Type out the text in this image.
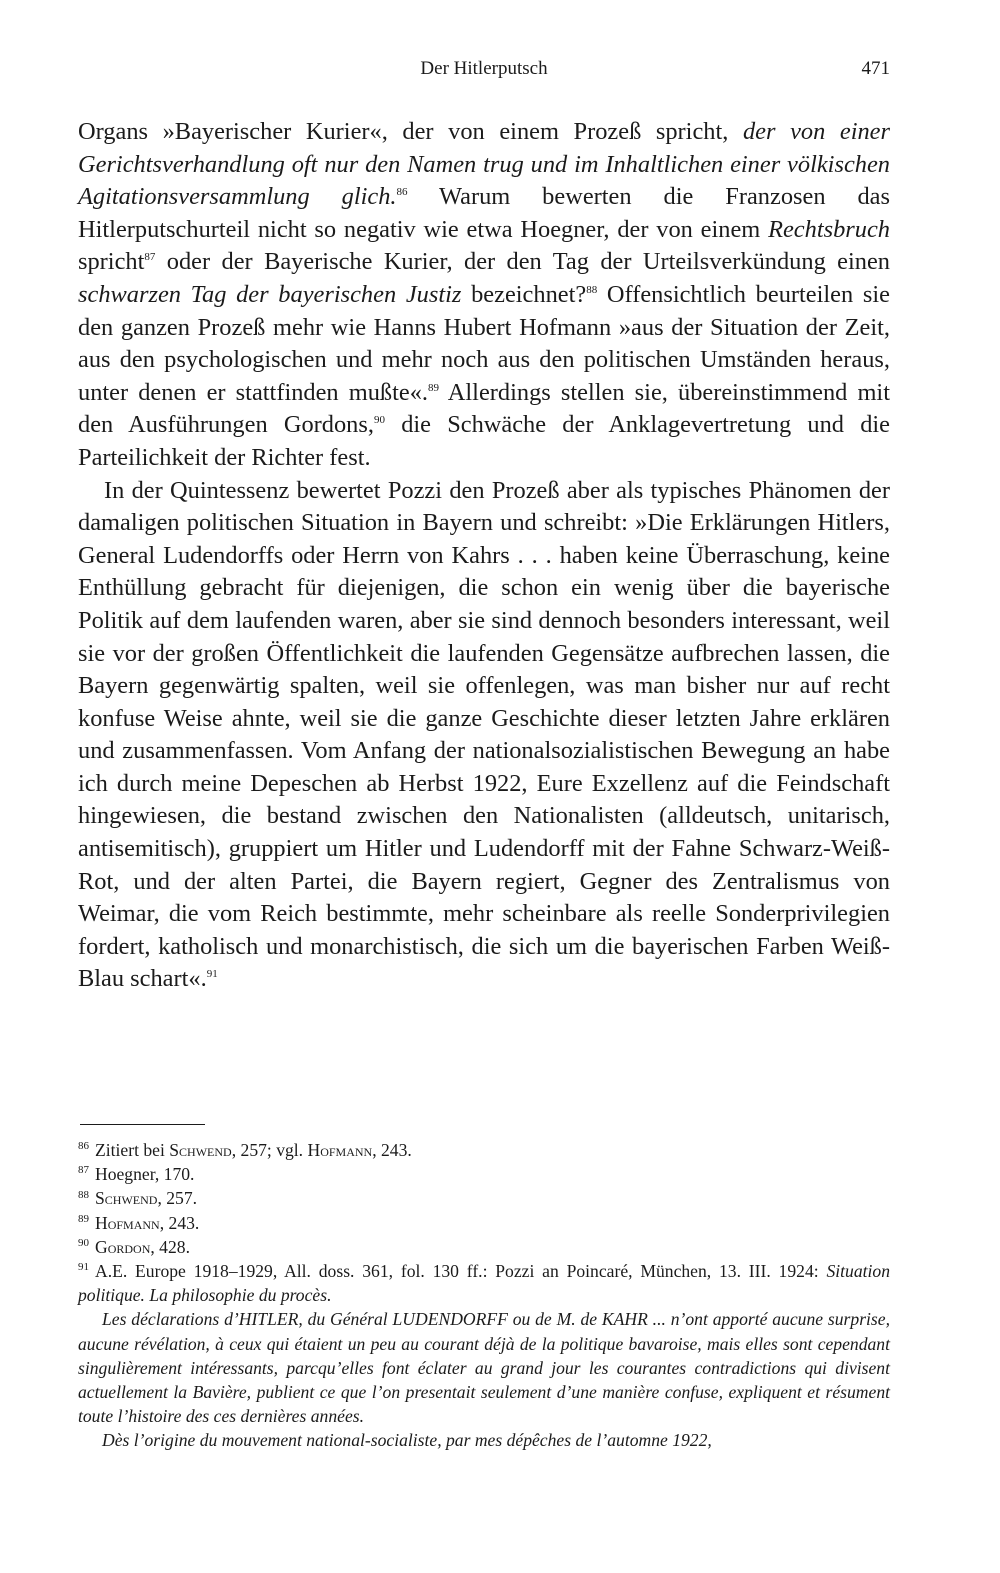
Der Hitlerputsch	471

Organs »Bayerischer Kurier«, der von einem Prozeß spricht, der von einer Gerichtsverhandlung oft nur den Namen trug und im Inhaltlichen einer völkischen Agitationsversammlung glich.$^{86}$ Warum bewerten die Franzosen das Hitlerputschurteil nicht so negativ wie etwa Hoegner, der von einem Rechtsbruch spricht$^{87}$ oder der Bayerische Kurier, der den Tag der Urteilsverkündung einen schwarzen Tag der bayerischen Justiz bezeichnet?$^{88}$ Offensichtlich beurteilen sie den ganzen Prozeß mehr wie Hanns Hubert Hofmann »aus der Situation der Zeit, aus den psychologischen und mehr noch aus den politischen Umständen heraus, unter denen er stattfinden mußte«.$^{89}$ Allerdings stellen sie, übereinstimmend mit den Ausführungen Gordons,$^{90}$ die Schwäche der Anklagevertretung und die Parteilichkeit der Richter fest.

In der Quintessenz bewertet Pozzi den Prozeß aber als typisches Phänomen der damaligen politischen Situation in Bayern und schreibt: »Die Erklärungen Hitlers, General Ludendorffs oder Herrn von Kahrs . . . haben keine Überraschung, keine Enthüllung gebracht für diejenigen, die schon ein wenig über die bayerische Politik auf dem laufenden waren, aber sie sind dennoch besonders interessant, weil sie vor der großen Öffentlichkeit die laufenden Gegensätze aufbrechen lassen, die Bayern gegenwärtig spalten, weil sie offenlegen, was man bisher nur auf recht konfuse Weise ahnte, weil sie die ganze Geschichte dieser letzten Jahre erklären und zusammenfassen. Vom Anfang der nationalsozialistischen Bewegung an habe ich durch meine Depeschen ab Herbst 1922, Eure Exzellenz auf die Feindschaft hingewiesen, die bestand zwischen den Nationalisten (alldeutsch, unitarisch, antisemitisch), gruppiert um Hitler und Ludendorff mit der Fahne Schwarz-Weiß-Rot, und der alten Partei, die Bayern regiert, Gegner des Zentralismus von Weimar, die vom Reich bestimmte, mehr scheinbare als reelle Sonderprivilegien fordert, katholisch und monarchistisch, die sich um die bayerischen Farben Weiß-Blau schart«.$^{91}$

$^{86}$ Zitiert bei Schwend, 257; vgl. Hofmann, 243.

$^{87}$ Hoegner, 170.

$^{88}$ Schwend, 257.

$^{89}$ Hofmann, 243.

$^{90}$ Gordon, 428.

$^{91}$ A.E. Europe 1918–1929, All. doss. 361, fol. 130 ff.: Pozzi an Poincaré, München, 13. III. 1924: Situation politique. La philosophie du procès.

Les déclarations d’HITLER, du Général LUDENDORFF ou de M. de KAHR ... n’ont apporté aucune surprise, aucune révélation, à ceux qui étaient un peu au courant déjà de la politique bavaroise, mais elles sont cependant singulièrement intéressants, parcqu’elles font éclater au grand jour les courantes contradictions qui divisent actuellement la Bavière, publient ce que l’on presentait seulement d’une manière confuse, expliquent et résument toute l’histoire des ces dernières années.

Dès l’origine du mouvement national-socialiste, par mes dépêches de l’automne 1922,
